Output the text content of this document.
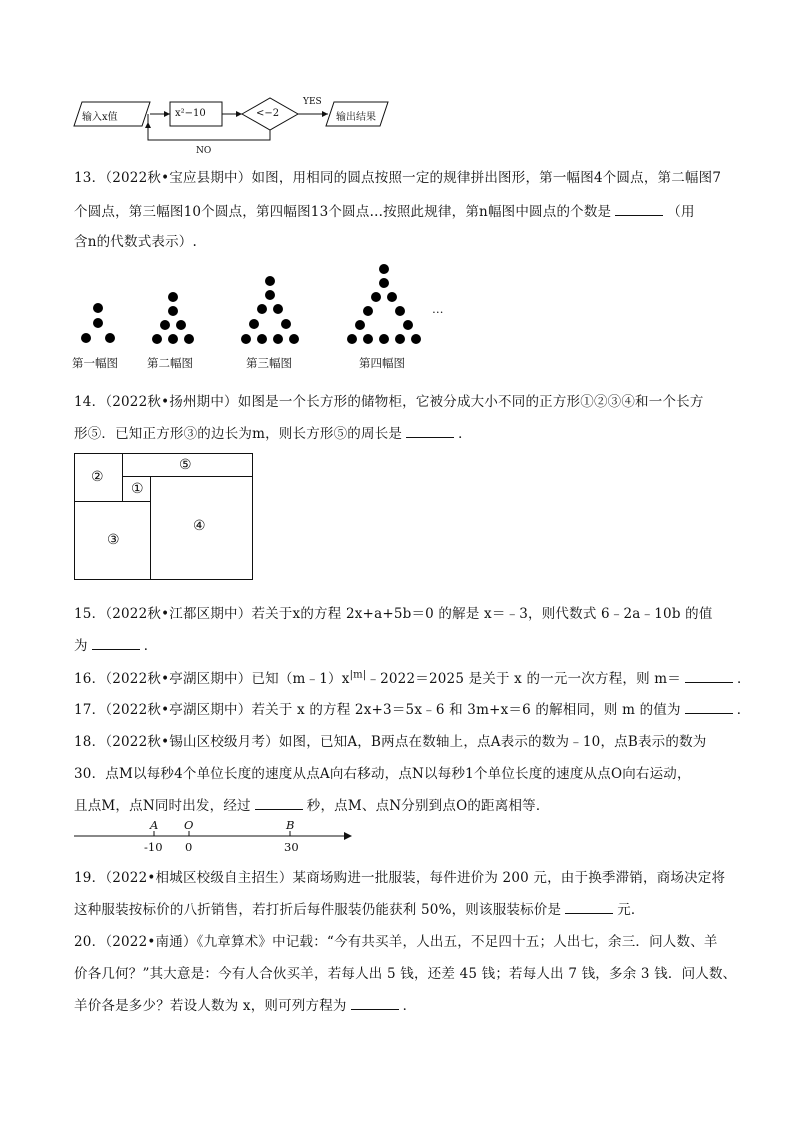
输入x值	x²−10	<−2
YES
输出结果
NO
13．（2022秋•宝应县期中）如图，用相同的圆点按照一定的规律拼出图形，第一幅图4个圆点，第二幅图7
个圆点，第三幅图10个圆点，第四幅图13个圆点…按照此规律，第n幅图中圆点的个数是	（用
含n的代数式表示）.
…
第一幅图	第二幅图	第三幅图	第四幅图
14．（2022秋•扬州期中）如图是一个长方形的储物柜，它被分成大小不同的正方形①②③④和一个长方
形⑤．已知正方形③的边长为m，则长方形⑤的周长是	．
②
⑤
①
③
④
15．（2022秋•江都区期中）若关于x的方程 2x+a+5b＝0 的解是 x＝﹣3，则代数式 6﹣2a﹣10b 的值
为	．
16．（2022秋•亭湖区期中）已知$(m﹣1)x^{|m|}﹣2022=2025$ 是关于 x 的一元一次方程，则 m＝	．
17．（2022秋•亭湖区期中）若关于 x 的方程 2x+3＝5x﹣6 和 3m+x＝6 的解相同，则 m 的值为	．
18．（2022秋•锡山区校级月考）如图，已知A，B两点在数轴上，点A表示的数为﹣10，点B表示的数为
30．点M以每秒4个单位长度的速度从点A向右移动，点N以每秒1个单位长度的速度从点O向右运动，
且点M，点N同时出发，经过	秒，点M、点N分别到点O的距离相等．
A O	B
-10 0	30
19．（2022•相城区校级自主招生）某商场购进一批服装，每件进价为 200 元，由于换季滞销，商场决定将
这种服装按标价的八折销售，若打折后每件服装仍能获利 50%，则该服装标价是	元．
20．（2022•南通）《九章算术》中记载：“今有共买羊，人出五，不足四十五；人出七，余三．问人数、羊
价各几何？”其大意是：今有人合伙买羊，若每人出 5 钱，还差 45 钱；若每人出 7 钱，多余 3 钱．问人数、
羊价各是多少？若设人数为 x，则可列方程为	．
